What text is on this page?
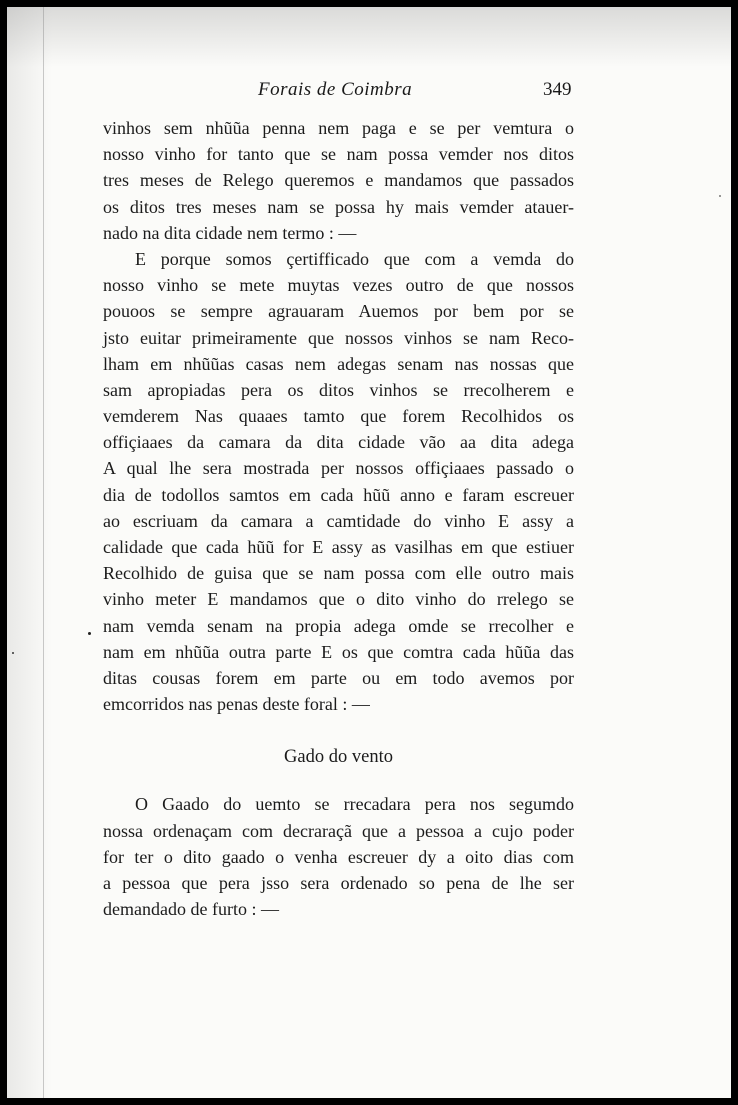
Forais de Coimbra	349
vinhos sem nhũũa penna nem paga e se per vemtura o
nosso vinho for tanto que se nam possa vemder nos ditos
tres meses de Relego queremos e mandamos que passados
os ditos tres meses nam se possa hy mais vemder atauer-
nado na dita cidade nem termo : —
E porque somos çertifficado que com a vemda do
nosso vinho se mete muytas vezes outro de que nossos
pouoos se sempre agrauaram Auemos por bem por se
jsto euitar primeiramente que nossos vinhos se nam Reco-
lham em nhũũas casas nem adegas senam nas nossas que
sam apropiadas pera os ditos vinhos se rrecolherem e
vemderem Nas quaaes tamto que forem Recolhidos os
offiçiaaes da camara da dita cidade vão aa dita adega
A qual lhe sera mostrada per nossos offiçiaaes passado o
dia de todollos samtos em cada hũũ anno e faram escreuer
ao escriuam da camara a camtidade do vinho E assy a
calidade que cada hũũ for E assy as vasilhas em que estiuer
Recolhido de guisa que se nam possa com elle outro mais
vinho meter E mandamos que o dito vinho do rrelego se
nam vemda senam na propia adega omde se rrecolher e
nam em nhũũa outra parte E os que comtra cada hũũa das
ditas cousas forem em parte ou em todo avemos por
emcorridos nas penas deste foral : —
Gado do vento
O Gaado do uemto se rrecadara pera nos segumdo
nossa ordenaçam com decraraçã que a pessoa a cujo poder
for ter o dito gaado o venha escreuer dy a oito dias com
a pessoa que pera jsso sera ordenado so pena de lhe ser
demandado de furto : —
